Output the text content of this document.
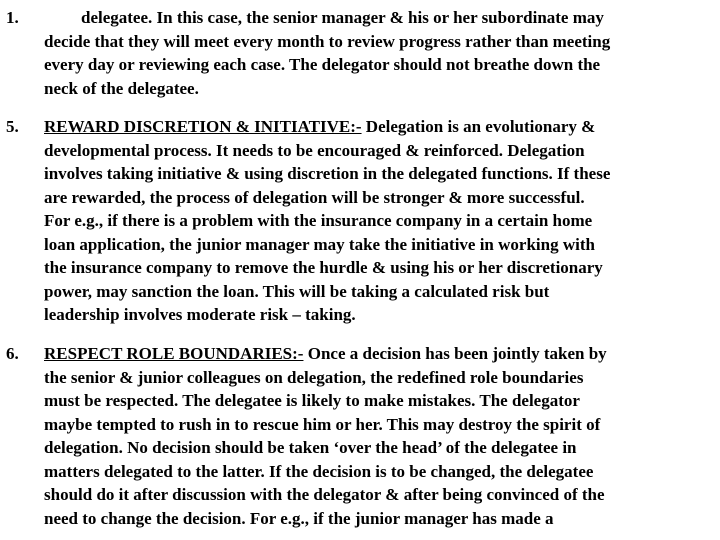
1.	delegatee. In this case, the senior manager & his or her subordinate may
decide that they will meet every month to review progress rather than meeting
every day or reviewing each case. The delegator should not breathe down the
neck of the delegatee.
5. REWARD DISCRETION & INITIATIVE:- Delegation is an evolutionary &
developmental process. It needs to be encouraged & reinforced. Delegation
involves taking initiative & using discretion in the delegated functions. If these
are rewarded, the process of delegation will be stronger & more successful.
For e.g., if there is a problem with the insurance company in a certain home
loan application, the junior manager may take the initiative in working with
the insurance company to remove the hurdle & using his or her discretionary
power, may sanction the loan. This will be taking a calculated risk but
leadership involves moderate risk – taking.
6. RESPECT ROLE BOUNDARIES:- Once a decision has been jointly taken by
the senior & junior colleagues on delegation, the redefined role boundaries
must be respected. The delegatee is likely to make mistakes. The delegator
maybe tempted to rush in to rescue him or her. This may destroy the spirit of
delegation. No decision should be taken ‘over the head’ of the delegatee in
matters delegated to the latter. If the decision is to be changed, the delegatee
should do it after discussion with the delegator & after being convinced of the
need to change the decision. For e.g., if the junior manager has made a
